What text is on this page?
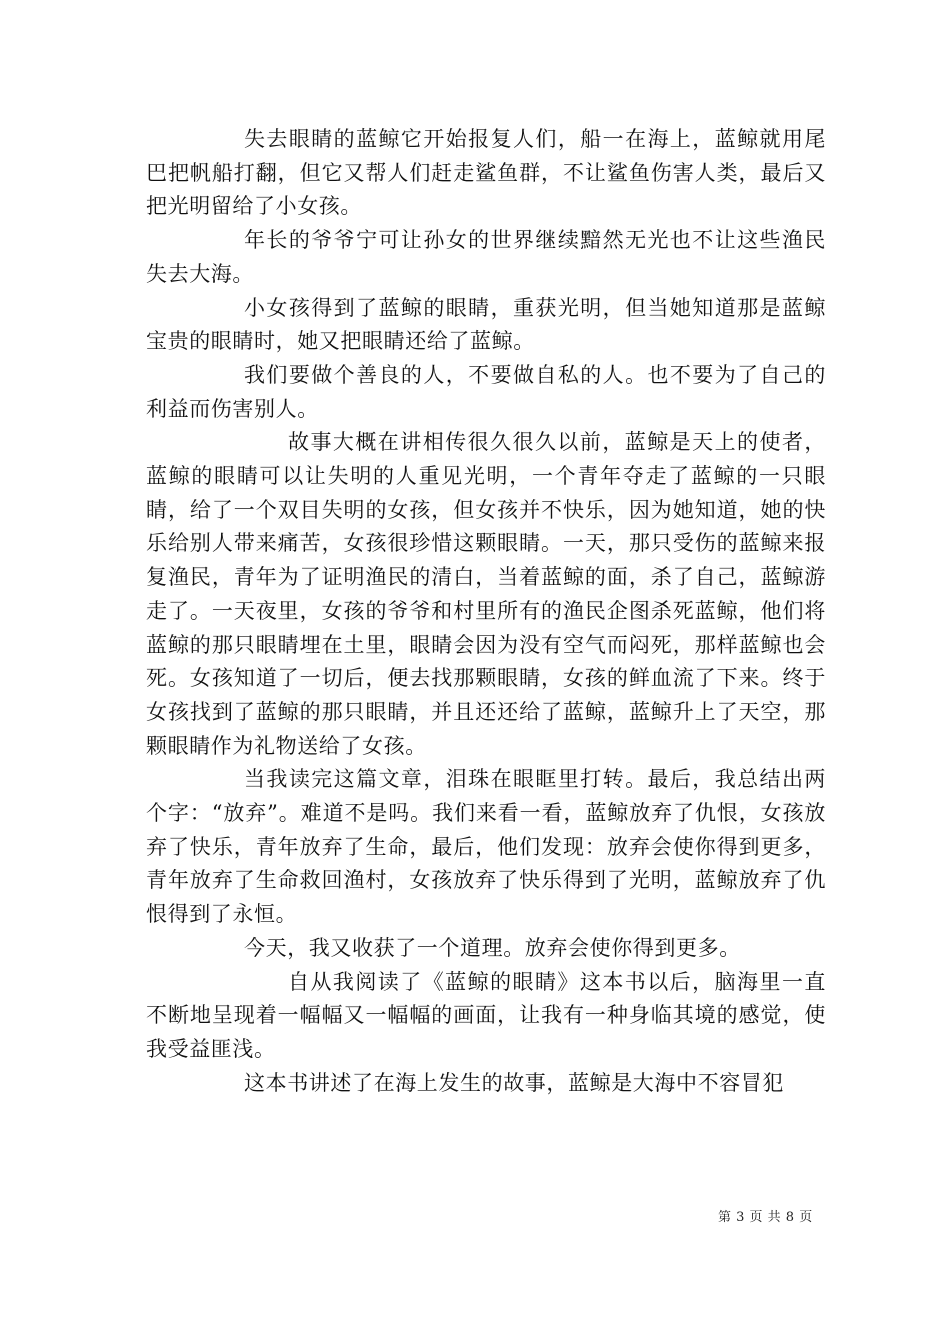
失去眼睛的蓝鲸它开始报复人们，船一在海上，蓝鲸就用尾巴把帆船打翻，但它又帮人们赶走鲨鱼群，不让鲨鱼伤害人类，最后又把光明留给了小女孩。

年长的爷爷宁可让孙女的世界继续黯然无光也不让这些渔民失去大海。

小女孩得到了蓝鲸的眼睛，重获光明，但当她知道那是蓝鲸宝贵的眼睛时，她又把眼睛还给了蓝鲸。

我们要做个善良的人，不要做自私的人。也不要为了自己的利益而伤害别人。

故事大概在讲相传很久很久以前，蓝鲸是天上的使者，蓝鲸的眼睛可以让失明的人重见光明，一个青年夺走了蓝鲸的一只眼睛，给了一个双目失明的女孩，但女孩并不快乐，因为她知道，她的快乐给别人带来痛苦，女孩很珍惜这颗眼睛。一天，那只受伤的蓝鲸来报复渔民，青年为了证明渔民的清白，当着蓝鲸的面，杀了自己，蓝鲸游走了。一天夜里，女孩的爷爷和村里所有的渔民企图杀死蓝鲸，他们将蓝鲸的那只眼睛埋在土里，眼睛会因为没有空气而闷死，那样蓝鲸也会死。女孩知道了一切后，便去找那颗眼睛，女孩的鲜血流了下来。终于女孩找到了蓝鲸的那只眼睛，并且还还给了蓝鲸，蓝鲸升上了天空，那颗眼睛作为礼物送给了女孩。

当我读完这篇文章，泪珠在眼眶里打转。最后，我总结出两个字：“放弃”。难道不是吗。我们来看一看，蓝鲸放弃了仇恨，女孩放弃了快乐，青年放弃了生命，最后，他们发现：放弃会使你得到更多，青年放弃了生命救回渔村，女孩放弃了快乐得到了光明，蓝鲸放弃了仇恨得到了永恒。

今天，我又收获了一个道理。放弃会使你得到更多。

自从我阅读了《蓝鲸的眼睛》这本书以后，脑海里一直不断地呈现着一幅幅又一幅幅的画面，让我有一种身临其境的感觉，使我受益匪浅。

这本书讲述了在海上发生的故事，蓝鲸是大海中不容冒犯

第 3 页 共 8 页
